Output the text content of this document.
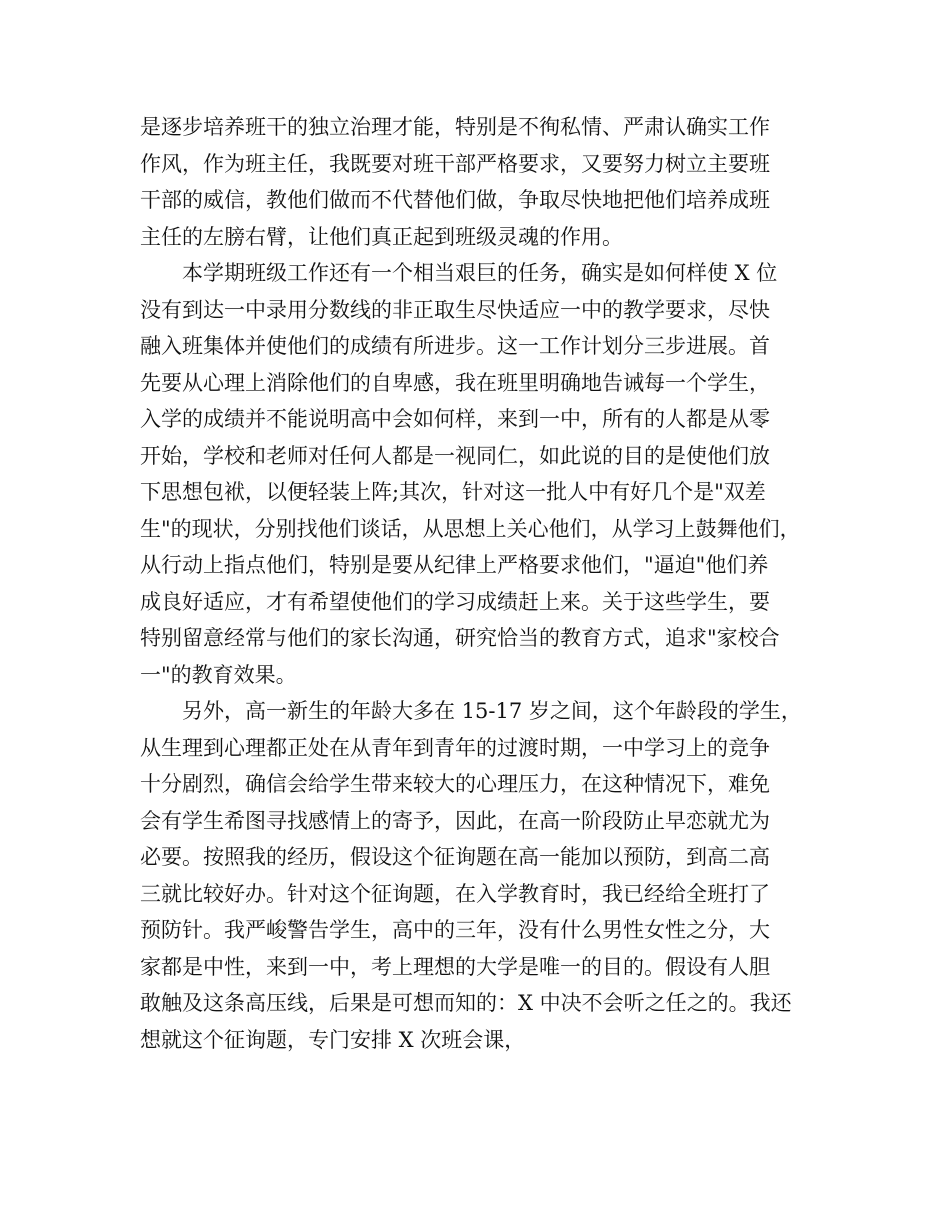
是逐步培养班干的独立治理才能，特别是不徇私情、严肃认确实工作
作风，作为班主任，我既要对班干部严格要求，又要努力树立主要班
干部的威信，教他们做而不代替他们做，争取尽快地把他们培养成班
主任的左膀右臂，让他们真正起到班级灵魂的作用。
　　本学期班级工作还有一个相当艰巨的任务，确实是如何样使 X 位
没有到达一中录用分数线的非正取生尽快适应一中的教学要求，尽快
融入班集体并使他们的成绩有所进步。这一工作计划分三步进展。首
先要从心理上消除他们的自卑感，我在班里明确地告诫每一个学生，
入学的成绩并不能说明高中会如何样，来到一中，所有的人都是从零
开始，学校和老师对任何人都是一视同仁，如此说的目的是使他们放
下思想包袱，以便轻装上阵;其次，针对这一批人中有好几个是"双差
生"的现状，分别找他们谈话，从思想上关心他们，从学习上鼓舞他们，
从行动上指点他们，特别是要从纪律上严格要求他们，"逼迫"他们养
成良好适应，才有希望使他们的学习成绩赶上来。关于这些学生，要
特别留意经常与他们的家长沟通，研究恰当的教育方式，追求"家校合
一"的教育效果。
　　另外，高一新生的年龄大多在 15-17 岁之间，这个年龄段的学生，
从生理到心理都正处在从青年到青年的过渡时期，一中学习上的竞争
十分剧烈，确信会给学生带来较大的心理压力，在这种情况下，难免
会有学生希图寻找感情上的寄予，因此，在高一阶段防止早恋就尤为
必要。按照我的经历，假设这个征询题在高一能加以预防，到高二高
三就比较好办。针对这个征询题，在入学教育时，我已经给全班打了
预防针。我严峻警告学生，高中的三年，没有什么男性女性之分，大
家都是中性，来到一中，考上理想的大学是唯一的目的。假设有人胆
敢触及这条高压线，后果是可想而知的：X 中决不会听之任之的。我还
想就这个征询题，专门安排 X 次班会课，
